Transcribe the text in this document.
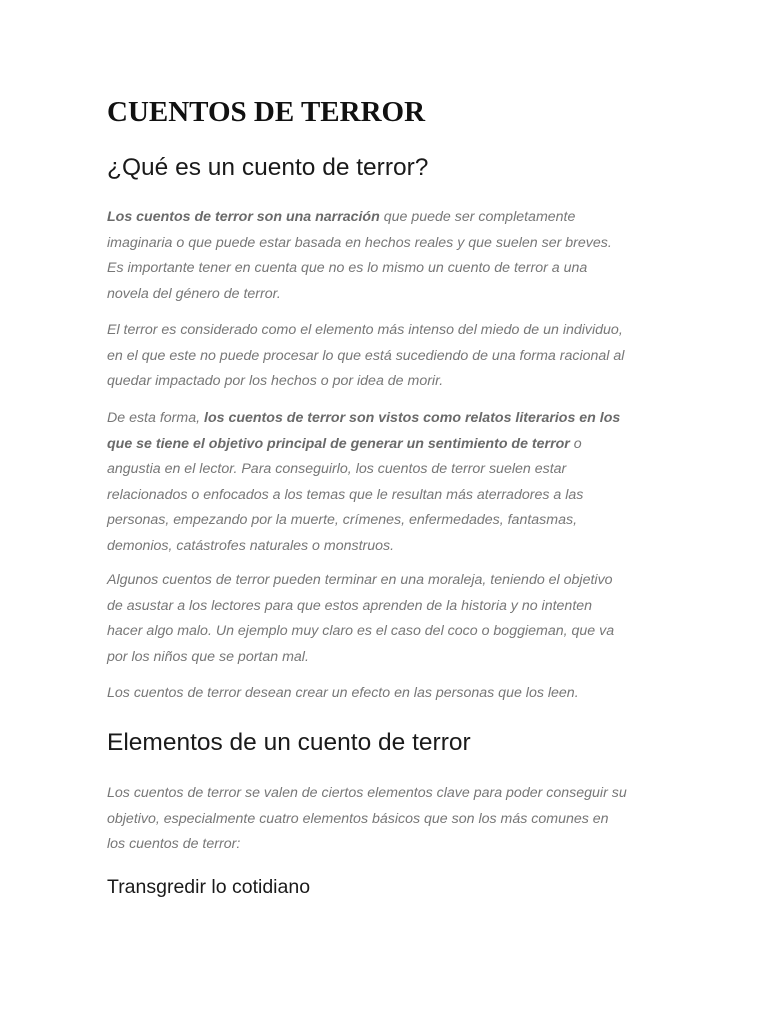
CUENTOS DE TERROR
¿Qué es un cuento de terror?

Los cuentos de terror son una narración que puede ser completamente
imaginaria o que puede estar basada en hechos reales y que suelen ser breves.
Es importante tener en cuenta que no es lo mismo un cuento de terror a una
novela del género de terror.

El terror es considerado como el elemento más intenso del miedo de un individuo,
en el que este no puede procesar lo que está sucediendo de una forma racional al
quedar impactado por los hechos o por idea de morir.

De esta forma, los cuentos de terror son vistos como relatos literarios en los
que se tiene el objetivo principal de generar un sentimiento de terror o
angustia en el lector. Para conseguirlo, los cuentos de terror suelen estar
relacionados o enfocados a los temas que le resultan más aterradores a las
personas, empezando por la muerte, crímenes, enfermedades, fantasmas,
demonios, catástrofes naturales o monstruos.

Algunos cuentos de terror pueden terminar en una moraleja, teniendo el objetivo
de asustar a los lectores para que estos aprenden de la historia y no intenten
hacer algo malo. Un ejemplo muy claro es el caso del coco o boggieman, que va
por los niños que se portan mal.

Los cuentos de terror desean crear un efecto en las personas que los leen.

Elementos de un cuento de terror

Los cuentos de terror se valen de ciertos elementos clave para poder conseguir su
objetivo, especialmente cuatro elementos básicos que son los más comunes en
los cuentos de terror:

Transgredir lo cotidiano
